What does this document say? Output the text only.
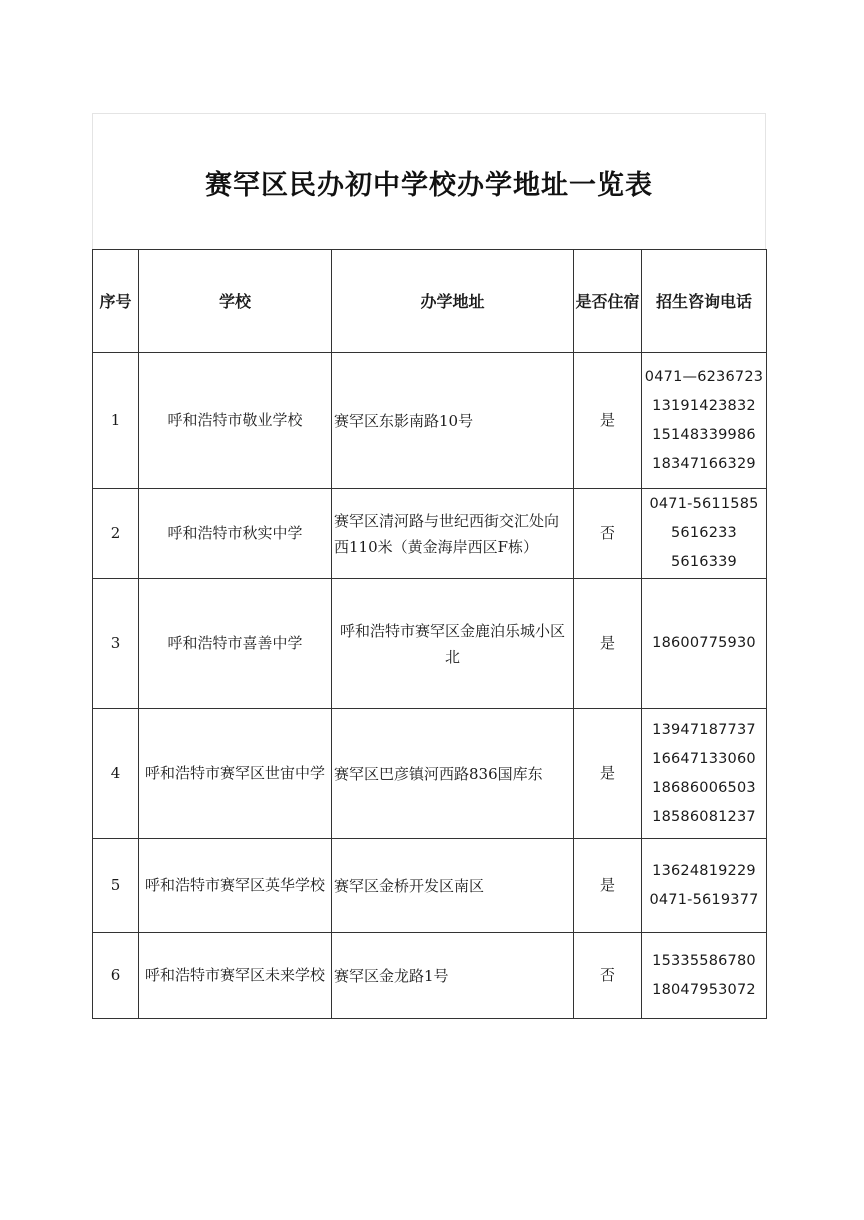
赛罕区民办初中学校办学地址一览表
序号	学校	办学地址	是否住宿	招生咨询电话
1	呼和浩特市敬业学校	赛罕区东影南路10号	是	0471—6236723
13191423832
15148339986
18347166329

2	呼和浩特市秋实中学	赛罕区清河路与世纪西街交汇处向西110米（黄金海岸西区F栋）	否	0471-5611585
5616233
5616339

3	呼和浩特市喜善中学	呼和浩特市赛罕区金鹿泊乐城小区北	是	18600775930

4	呼和浩特市赛罕区世宙中学	赛罕区巴彦镇河西路836国库东	是	13947187737
16647133060
18686006503
18586081237

5	呼和浩特市赛罕区英华学校	赛罕区金桥开发区南区	是	13624819229
0471-5619377

6	呼和浩特市赛罕区未来学校	赛罕区金龙路1号	否	15335586780
18047953072
